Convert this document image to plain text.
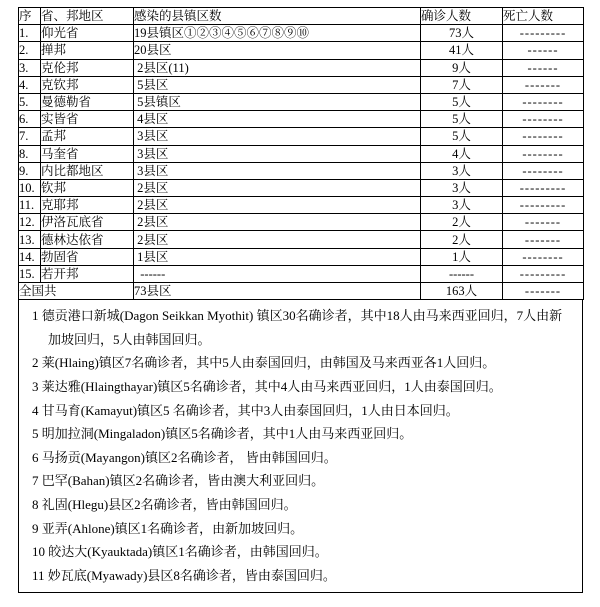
序	省、邦地区	感染的县镇区数	确诊人数	死亡人数
1.	仰光省	19县镇区①②③④⑤⑥⑦⑧⑨⑩	73人	---------
2.	掸邦	20县区	41人	------
3.	克伦邦	2县区(11)	9人	------
4.	克钦邦	5县区	7人	-------
5.	曼德勒省	5县镇区	5人	--------
6.	实皆省	4县区	5人	--------
7.	孟邦	3县区	5人	--------
8.	马奎省	3县区	4人	--------
9.	内比都地区	3县区	3人	--------
10.	钦邦	2县区	3人	---------
11.	克耶邦	2县区	3人	---------
12.	伊洛瓦底省	2县区	2人	-------
13.	德林达依省	2县区	2人	-------
14.	勃固省	1县区	1人	--------
15.	若开邦	------	------	---------
全国共		73县区	163人	-------
1 德贡港口新城(Dagon Seikkan Myothit) 镇区30名确诊者，其中18人由马来西亚回归，7人由新加坡回归，5人由韩国回归。
2 莱(Hlaing)镇区7名确诊者，其中5人由泰国回归，由韩国及马来西亚各1人回归。
3 莱达雅(Hlaingthayar)镇区5名确诊者，其中4人由马来西亚回归，1人由泰国回归。
4 甘马育(Kamayut)镇区5 名确诊者，其中3人由泰国回归，1人由日本回归。
5 明加拉洞(Mingaladon)镇区5名确诊者，其中1人由马来西亚回归。
6 马扬贡(Mayangon)镇区2名确诊者， 皆由韩国回归。
7 巴罕(Bahan)镇区2名确诊者，皆由澳大利亚回归。
8 礼固(Hlegu)县区2名确诊者，皆由韩国回归。
9 亚弄(Ahlone)镇区1名确诊者，由新加坡回归。
10 皎达大(Kyauktada)镇区1名确诊者，由韩国回归。
11 妙瓦底(Myawady)县区8名确诊者，皆由泰国回归。
